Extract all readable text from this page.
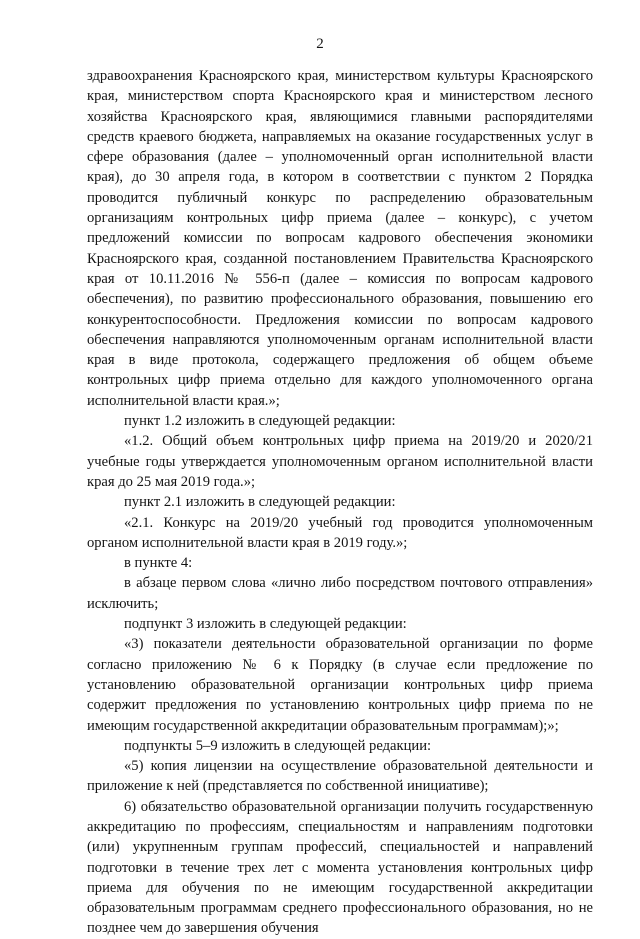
2

здравоохранения Красноярского края, министерством культуры Красноярского края, министерством спорта Красноярского края и министерством лесного хозяйства Красноярского края, являющимися главными распорядителями средств краевого бюджета, направляемых на оказание государственных услуг в сфере образования (далее – уполномоченный орган исполнительной власти края), до 30 апреля года, в котором в соответствии с пунктом 2 Порядка проводится публичный конкурс по распределению образовательным организациям контрольных цифр приема (далее – конкурс), с учетом предложений комиссии по вопросам кадрового обеспечения экономики Красноярского края, созданной постановлением Правительства Красноярского края от 10.11.2016 № 556-п (далее – комиссия по вопросам кадрового обеспечения), по развитию профессионального образования, повышению его конкурентоспособности. Предложения комиссии по вопросам кадрового обеспечения направляются уполномоченным органам исполнительной власти края в виде протокола, содержащего предложения об общем объеме контрольных цифр приема отдельно для каждого уполномоченного органа исполнительной власти края.»;

пункт 1.2 изложить в следующей редакции:

«1.2. Общий объем контрольных цифр приема на 2019/20 и 2020/21 учебные годы утверждается уполномоченным органом исполнительной власти края до 25 мая 2019 года.»;

пункт 2.1 изложить в следующей редакции:

«2.1. Конкурс на 2019/20 учебный год проводится уполномоченным органом исполнительной власти края в 2019 году.»;

в пункте 4:

в абзаце первом слова «лично либо посредством почтового отправления» исключить;

подпункт 3 изложить в следующей редакции:

«3) показатели деятельности образовательной организации по форме согласно приложению № 6 к Порядку (в случае если предложение по установлению образовательной организации контрольных цифр приема содержит предложения по установлению контрольных цифр приема по не имеющим государственной аккредитации образовательным программам);»;

подпункты 5–9 изложить в следующей редакции:

«5) копия лицензии на осуществление образовательной деятельности и приложение к ней (представляется по собственной инициативе);

6) обязательство образовательной организации получить государственную аккредитацию по профессиям, специальностям и направлениям подготовки (или) укрупненным группам профессий, специальностей и направлений подготовки в течение трех лет с момента установления контрольных цифр приема для обучения по не имеющим государственной аккредитации образовательным программам среднего профессионального образования, но не позднее чем до завершения обучения
